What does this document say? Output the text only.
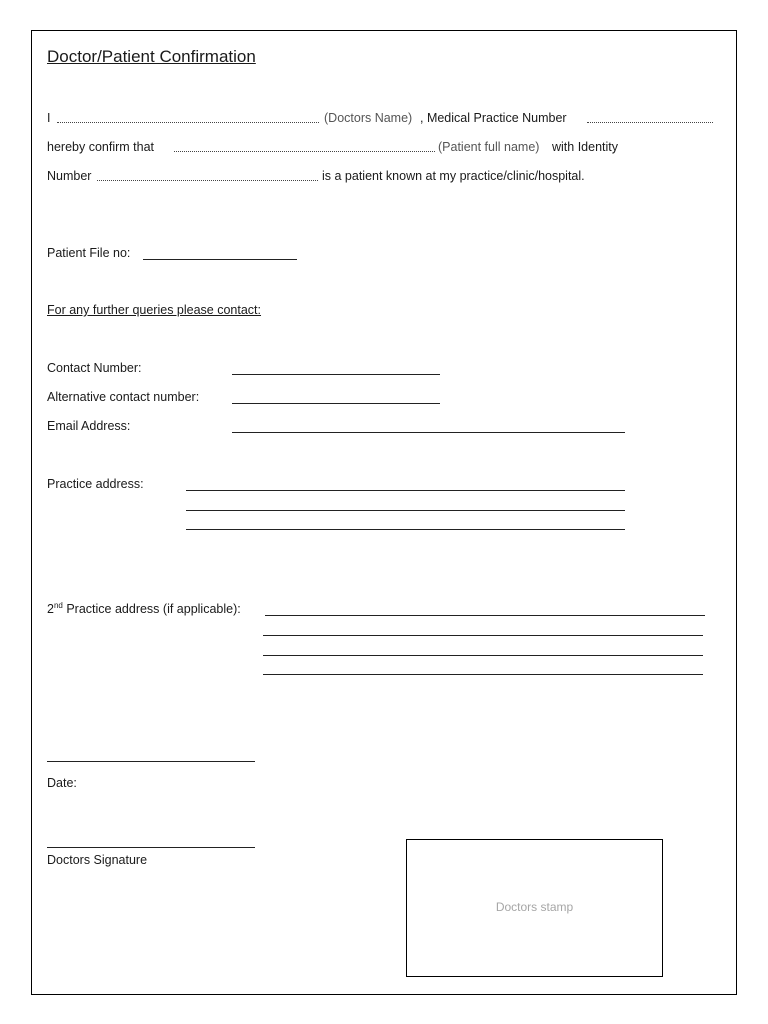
Doctor/Patient Confirmation
I	(Doctors Name) , Medical Practice Number
hereby confirm that	(Patient full name) with Identity
Number	is a patient known at my practice/clinic/hospital.
Patient File no:
For any further queries please contact:
Contact Number:
Alternative contact number:
Email Address:
Practice address:
2nd Practice address (if applicable):
Date:
Doctors Signature
Doctors stamp
